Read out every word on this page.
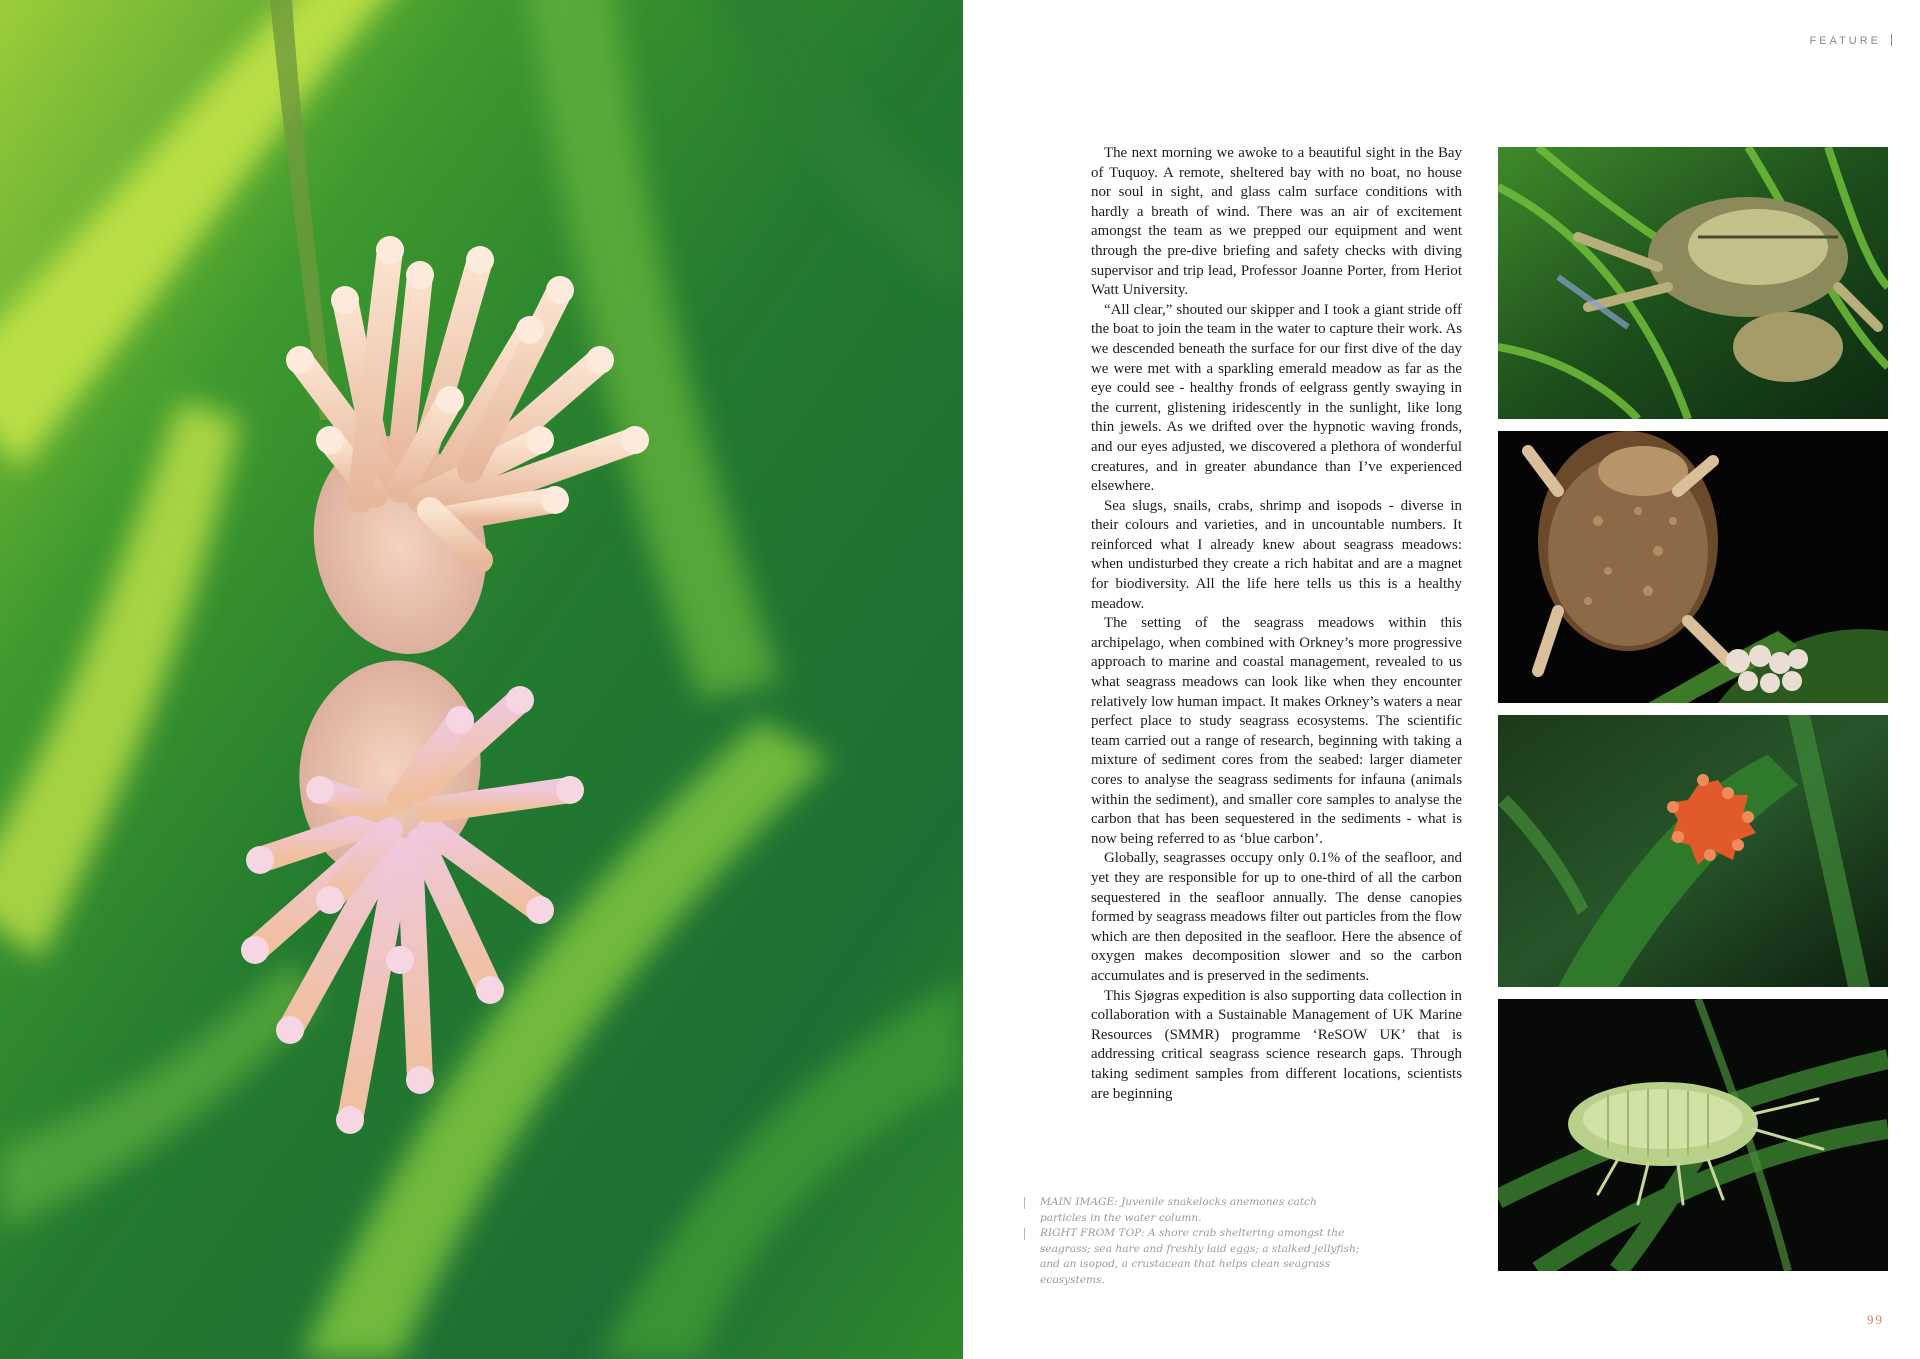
FEATURE

The next morning we awoke to a beautiful sight in the Bay of Tuquoy. A remote, sheltered bay with no boat, no house nor soul in sight, and glass calm surface conditions with hardly a breath of wind. There was an air of excitement amongst the team as we prepped our equipment and went through the pre-dive briefing and safety checks with diving supervisor and trip lead, Professor Joanne Porter, from Heriot Watt University.

“All clear,” shouted our skipper and I took a giant stride off the boat to join the team in the water to capture their work. As we descended beneath the surface for our first dive of the day we were met with a sparkling emerald meadow as far as the eye could see - healthy fronds of eelgrass gently swaying in the current, glistening iridescently in the sunlight, like long thin jewels. As we drifted over the hypnotic waving fronds, and our eyes adjusted, we discovered a plethora of wonderful creatures, and in greater abundance than I’ve experienced elsewhere.

Sea slugs, snails, crabs, shrimp and isopods - diverse in their colours and varieties, and in uncountable numbers. It reinforced what I already knew about seagrass meadows: when undisturbed they create a rich habitat and are a magnet for biodiversity. All the life here tells us this is a healthy meadow.

The setting of the seagrass meadows within this archipelago, when combined with Orkney’s more progressive approach to marine and coastal management, revealed to us what seagrass meadows can look like when they encounter relatively low human impact. It makes Orkney’s waters a near perfect place to study seagrass ecosystems. The scientific team carried out a range of research, beginning with taking a mixture of sediment cores from the seabed: larger diameter cores to analyse the seagrass sediments for infauna (animals within the sediment), and smaller core samples to analyse the carbon that has been sequestered in the sediments - what is now being referred to as ‘blue carbon’.

Globally, seagrasses occupy only 0.1% of the seafloor, and yet they are responsible for up to one-third of all the carbon sequestered in the seafloor annually. The dense canopies formed by seagrass meadows filter out particles from the flow which are then deposited in the seafloor. Here the absence of oxygen makes decomposition slower and so the carbon accumulates and is preserved in the sediments.

This Sjøgras expedition is also supporting data collection in collaboration with a Sustainable Management of UK Marine Resources (SMMR) programme ‘ReSOW UK’ that is addressing critical seagrass science research gaps. Through taking sediment samples from different locations, scientists are beginning

MAIN IMAGE: Juvenile snakelocks anemones catch particles in the water column.
RIGHT FROM TOP: A shore crab sheltering amongst the seagrass; sea hare and freshly laid eggs; a stalked jellyfish; and an isopod, a crustacean that helps clean seagrass ecosystems.
99
